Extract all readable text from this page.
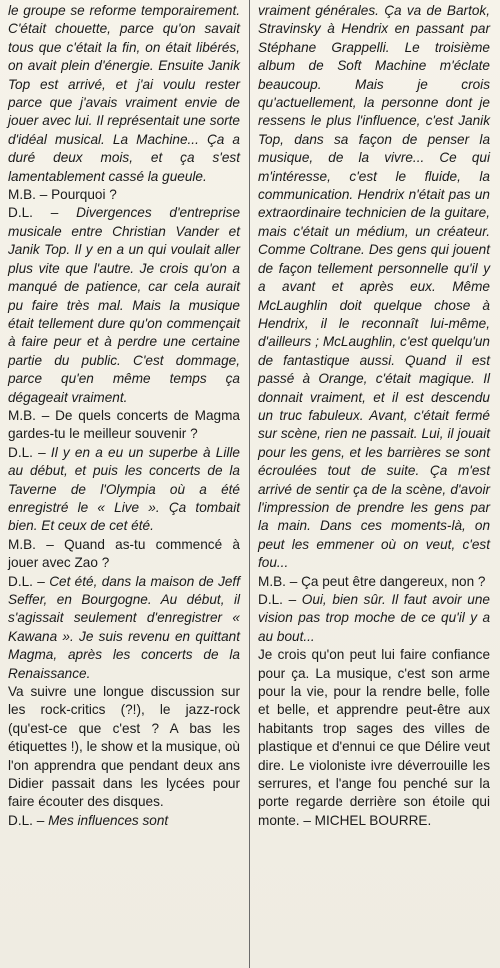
le groupe se reforme temporairement. C'était chouette, parce qu'on savait tous que c'était la fin, on était libérés, on avait plein d'énergie. Ensuite Janik Top est arrivé, et j'ai voulu rester parce que j'avais vraiment envie de jouer avec lui. Il représentait une sorte d'idéal musical. La Machine... Ça a duré deux mois, et ça s'est lamentablement cassé la gueule.

M.B. – Pourquoi ?

D.L. – Divergences d'entreprise musicale entre Christian Vander et Janik Top. Il y en a un qui voulait aller plus vite que l'autre. Je crois qu'on a manqué de patience, car cela aurait pu faire très mal. Mais la musique était tellement dure qu'on commençait à faire peur et à perdre une certaine partie du public. C'est dommage, parce qu'en même temps ça dégageait vraiment.

M.B. – De quels concerts de Magma gardes-tu le meilleur souvenir ?

D.L. – Il y en a eu un superbe à Lille au début, et puis les concerts de la Taverne de l'Olympia où a été enregistré le « Live ». Ça tombait bien. Et ceux de cet été.

M.B. – Quand as-tu commencé à jouer avec Zao ?

D.L. – Cet été, dans la maison de Jeff Seffer, en Bourgogne. Au début, il s'agissait seulement d'enregistrer « Kawana ». Je suis revenu en quittant Magma, après les concerts de la Renaissance.

Va suivre une longue discussion sur les rock-critics (?!), le jazz-rock (qu'est-ce que c'est ? A bas les étiquettes !), le show et la musique, où l'on apprendra que pendant deux ans Didier passait dans les lycées pour faire écouter des disques.

D.L. – Mes influences sont

vraiment générales. Ça va de Bartok, Stravinsky à Hendrix en passant par Stéphane Grappelli. Le troisième album de Soft Machine m'éclate beaucoup. Mais je crois qu'actuellement, la personne dont je ressens le plus l'influence, c'est Janik Top, dans sa façon de penser la musique, de la vivre... Ce qui m'intéresse, c'est le fluide, la communication. Hendrix n'était pas un extraordinaire technicien de la guitare, mais c'était un médium, un créateur. Comme Coltrane. Des gens qui jouent de façon tellement personnelle qu'il y a avant et après eux. Même McLaughlin doit quelque chose à Hendrix, il le reconnaît lui-même, d'ailleurs ; McLaughlin, c'est quelqu'un de fantastique aussi. Quand il est passé à Orange, c'était magique. Il donnait vraiment, et il est descendu un truc fabuleux. Avant, c'était fermé sur scène, rien ne passait. Lui, il jouait pour les gens, et les barrières se sont écroulées tout de suite. Ça m'est arrivé de sentir ça de la scène, d'avoir l'impression de prendre les gens par la main. Dans ces moments-là, on peut les emmener où on veut, c'est fou...

M.B. – Ça peut être dangereux, non ?

D.L. – Oui, bien sûr. Il faut avoir une vision pas trop moche de ce qu'il y a au bout...

Je crois qu'on peut lui faire confiance pour ça. La musique, c'est son arme pour la vie, pour la rendre belle, folle et belle, et apprendre peut-être aux habitants trop sages des villes de plastique et d'ennui ce que Délire veut dire. Le violoniste ivre déverrouille les serrures, et l'ange fou penché sur la porte regarde derrière son étoile qui monte. – MICHEL BOURRE.
